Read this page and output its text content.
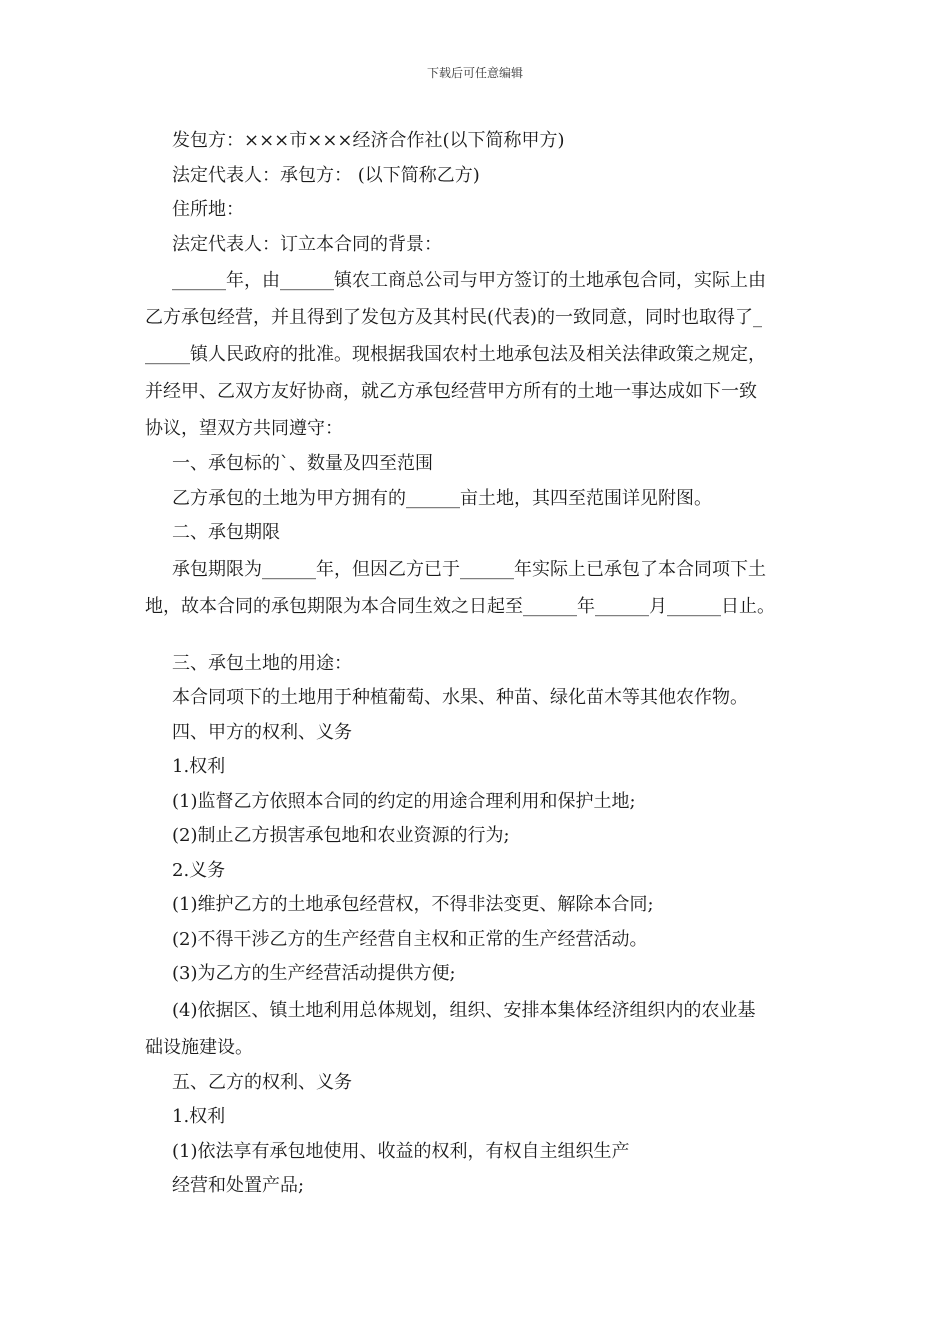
下载后可任意编辑

发包方：×××市×××经济合作社(以下简称甲方)

法定代表人：承包方： (以下简称乙方)

住所地：

法定代表人：订立本合同的背景：

______年，由______镇农工商总公司与甲方签订的土地承包合同，实际上由

乙方承包经营，并且得到了发包方及其村民(代表)的一致同意，同时也取得了_

_____镇人民政府的批准。现根据我国农村土地承包法及相关法律政策之规定，

并经甲、乙双方友好协商，就乙方承包经营甲方所有的土地一事达成如下一致

协议，望双方共同遵守：

一、承包标的`、数量及四至范围

乙方承包的土地为甲方拥有的______亩土地，其四至范围详见附图。

二、承包期限

承包期限为______年，但因乙方已于______年实际上已承包了本合同项下土

地，故本合同的承包期限为本合同生效之日起至______年______月______日止。

三、承包土地的用途：

本合同项下的土地用于种植葡萄、水果、种苗、绿化苗木等其他农作物。

四、甲方的权利、义务

1.权利

(1)监督乙方依照本合同的约定的用途合理利用和保护土地;

(2)制止乙方损害承包地和农业资源的行为;

2.义务

(1)维护乙方的土地承包经营权，不得非法变更、解除本合同;

(2)不得干涉乙方的生产经营自主权和正常的生产经营活动。

(3)为乙方的生产经营活动提供方便;

(4)依据区、镇土地利用总体规划，组织、安排本集体经济组织内的农业基

础设施建设。

五、乙方的权利、义务

1.权利

(1)依法享有承包地使用、收益的权利，有权自主组织生产

经营和处置产品;
